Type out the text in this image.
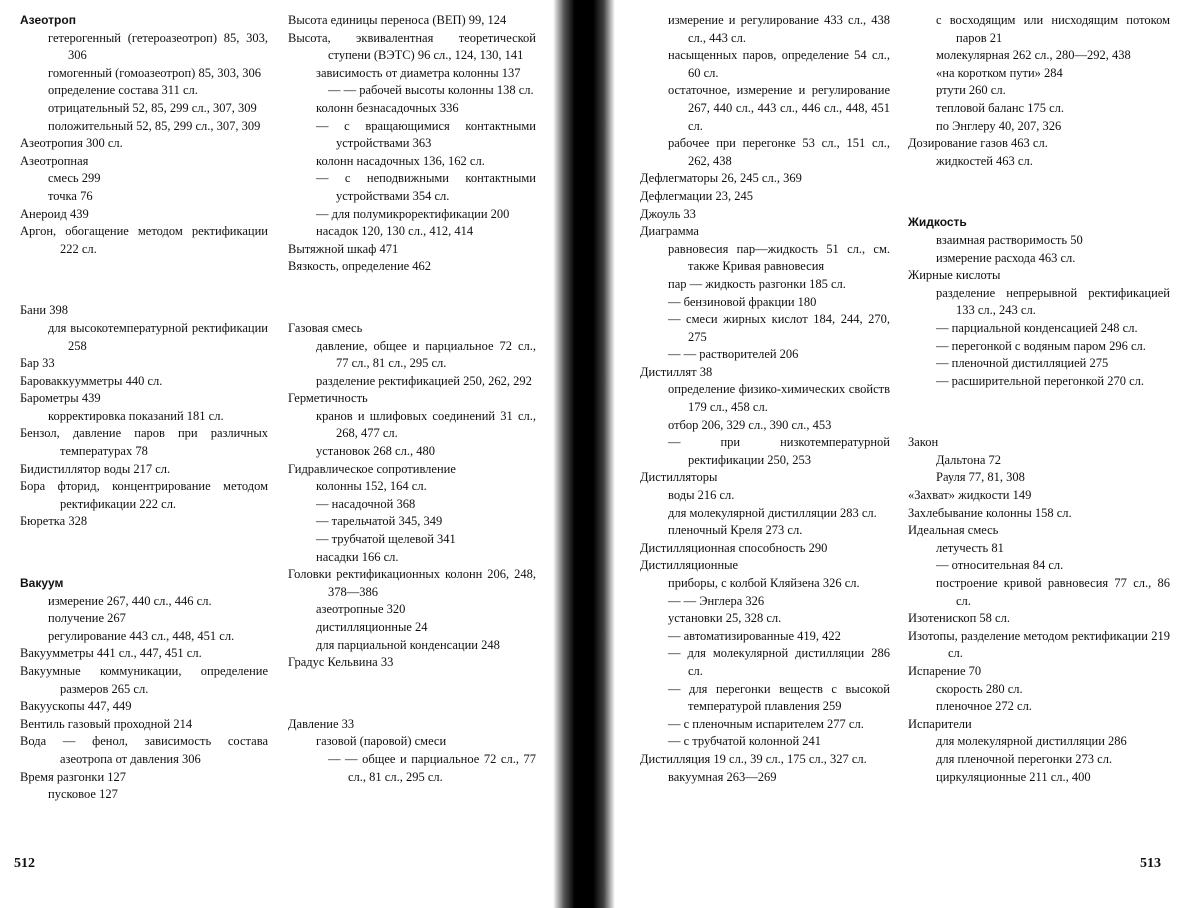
Азеотроп

гетерогенный (гетероазеотроп) 85, 303, 306

гомогенный (гомоазеотроп) 85, 303, 306

определение состава 311 сл.

отрицательный 52, 85, 299 сл., 307, 309

положительный 52, 85, 299 сл., 307, 309

Азеотропия 300 сл.

Азеотропная

смесь 299

точка 76

Анероид 439

Аргон, обогащение методом ректификации 222 сл.

Бани 398

для высокотемпературной ректификации 258

Бар 33

Бароваккуумметры 440 сл.

Барометры 439

корректировка показаний 181 сл.

Бензол, давление паров при различных температурах 78

Бидистиллятор воды 217 сл.

Бора фторид, концентрирование методом ректификации 222 сл.

Бюретка 328

Вакуум

измерение 267, 440 сл., 446 сл.

получение 267

регулирование 443 сл., 448, 451 сл.

Вакуумметры 441 сл., 447, 451 сл.

Вакуумные коммуникации, определение размеров 265 сл.

Вакуускопы 447, 449

Вентиль газовый проходной 214

Вода — фенол, зависимость состава азеотропа от давления 306

Время разгонки 127

пусковое 127

Высота единицы переноса (ВЕП) 99, 124

Высота, эквивалентная теоретической ступени (ВЭТС) 96 сл., 124, 130, 141

зависимость от диаметра колонны 137

— — рабочей высоты колонны 138 сл.

колонн безнасадочных 336

— с вращающимися контактными устройствами 363

колонн насадочных 136, 162 сл.

— с неподвижными контактными устройствами 354 сл.

— для полумикроректификации 200

насадок 120, 130 сл., 412, 414

Вытяжной шкаф 471

Вязкость, определение 462

Газовая смесь

давление, общее и парциальное 72 сл., 77 сл., 81 сл., 295 сл.

разделение ректификацией 250, 262, 292

Герметичность

кранов и шлифовых соединений 31 сл., 268, 477 сл.

установок 268 сл., 480

Гидравлическое сопротивление

колонны 152, 164 сл.

— насадочной 368

— тарельчатой 345, 349

— трубчатой щелевой 341

насадки 166 сл.

Головки ректификационных колонн 206, 248, 378—386

азеотропные 320

дистилляционные 24

для парциальной конденсации 248

Градус Кельвина 33

Давление 33

газовой (паровой) смеси

— — общее и парциальное 72 сл., 77 сл., 81 сл., 295 сл.

512

измерение и регулирование 433 сл., 438 сл., 443 сл.

насыщенных паров, определение 54 сл., 60 сл.

остаточное, измерение и регулирование 267, 440 сл., 443 сл., 446 сл., 448, 451 сл.

рабочее при перегонке 53 сл., 151 сл., 262, 438

Дефлегматоры 26, 245 сл., 369

Дефлегмации 23, 245

Джоуль 33

Диаграмма

равновесия пар—жидкость 51 сл., см. также Кривая равновесия

пар — жидкость разгонки 185 сл.

— бензиновой фракции 180

— смеси жирных кислот 184, 244, 270, 275

— — растворителей 206

Дистиллят 38

определение физико-химических свойств 179 сл., 458 сл.

отбор 206, 329 сл., 390 сл., 453

— при низкотемпературной ректификации 250, 253

Дистилляторы

воды 216 сл.

для молекулярной дистилляции 283 сл.

пленочный Креля 273 сл.

Дистилляционная способность 290

Дистилляционные

приборы, с колбой Кляйзена 326 сл.

— — Энглера 326

установки 25, 328 сл.

— автоматизированные 419, 422

— для молекулярной дистилляции 286 сл.

— для перегонки веществ с высокой температурой плавления 259

— с пленочным испарителем 277 сл.

— с трубчатой колонной 241

Дистилляция 19 сл., 39 сл., 175 сл., 327 сл.

вакуумная 263—269

с восходящим или нисходящим потоком паров 21

молекулярная 262 сл., 280—292, 438

«на коротком пути» 284

ртути 260 сл.

тепловой баланс 175 сл.

по Энглеру 40, 207, 326

Дозирование газов 463 сл.

жидкостей 463 сл.

Жидкость

взаимная растворимость 50

измерение расхода 463 сл.

Жирные кислоты

разделение непрерывной ректификацией 133 сл., 243 сл.

— парциальной конденсацией 248 сл.

— перегонкой с водяным паром 296 сл.

— пленочной дистилляцией 275

— расширительной перегонкой 270 сл.

Закон

Дальтона 72

Рауля 77, 81, 308

«Захват» жидкости 149

Захлебывание колонны 158 сл.

Идеальная смесь

летучесть 81

— относительная 84 сл.

построение кривой равновесия 77 сл., 86 сл.

Изотенископ 58 сл.

Изотопы, разделение методом ректификации 219 сл.

Испарение 70

скорость 280 сл.

пленочное 272 сл.

Испарители

для молекулярной дистилляции 286

для пленочной перегонки 273 сл.

циркуляционные 211 сл., 400

513
